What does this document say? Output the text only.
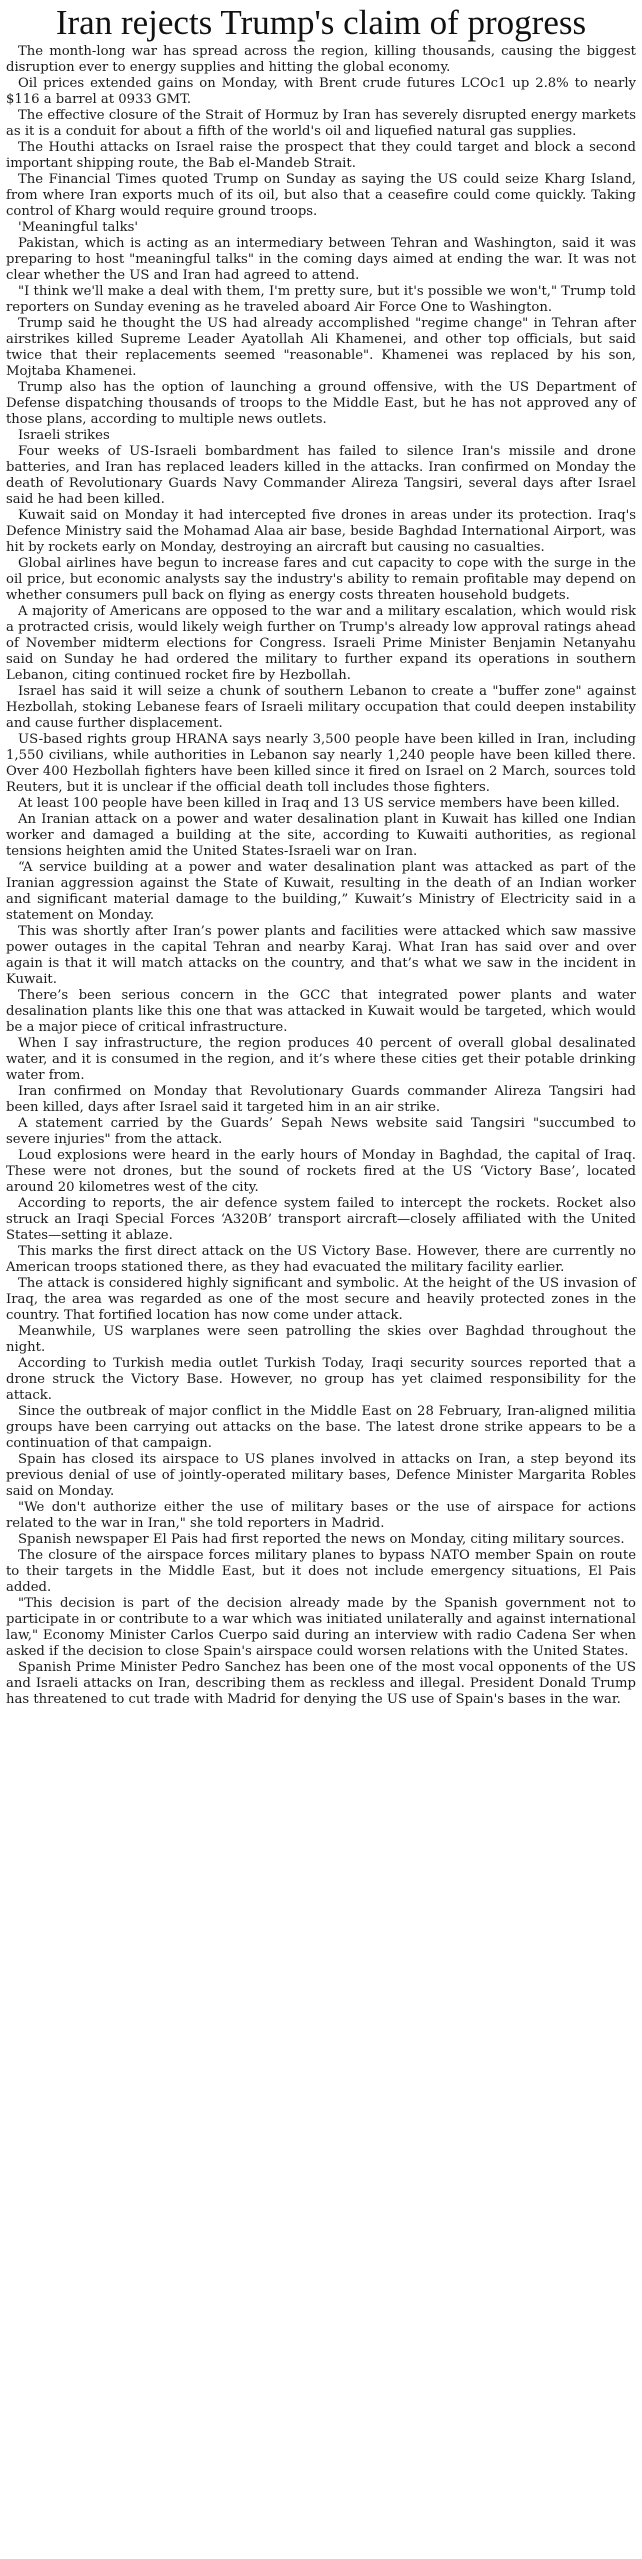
Iran rejects Trump's claim of progress

The month-long war has spread across the region, killing thousands, causing the biggest disruption ever to energy supplies and hitting the global economy.

Oil prices extended gains on Monday, with Brent crude futures LCOc1 up 2.8% to nearly $116 a barrel at 0933 GMT.

The effective closure of the Strait of Hormuz by Iran has severely disrupted energy markets as it is a conduit for about a fifth of the world's oil and liquefied natural gas supplies.

The Houthi attacks on Israel raise the prospect that they could target and block a second important shipping route, the Bab el-Mandeb Strait.

The Financial Times quoted Trump on Sunday as saying the US could seize Kharg Island, from where Iran exports much of its oil, but also that a ceasefire could come quickly. Taking control of Kharg would require ground troops.

'Meaningful talks'

Pakistan, which is acting as an intermediary between Tehran and Washington, said it was preparing to host "meaningful talks" in the coming days aimed at ending the war. It was not clear whether the US and Iran had agreed to attend.

"I think we'll make a deal with them, I'm pretty sure, but it's possible we won't," Trump told reporters on Sunday evening as he traveled aboard Air Force One to Washington.

Trump said he thought the US had already accomplished "regime change" in Tehran after airstrikes killed Supreme Leader Ayatollah Ali Khamenei, and other top officials, but said twice that their replacements seemed "reasonable". Khamenei was replaced by his son, Mojtaba Khamenei.

Trump also has the option of launching a ground offensive, with the US Department of Defense dispatching thousands of troops to the Middle East, but he has not approved any of those plans, according to multiple news outlets.

Israeli strikes

Four weeks of US-Israeli bombardment has failed to silence Iran's missile and drone batteries, and Iran has replaced leaders killed in the attacks. Iran confirmed on Monday the death of Revolutionary Guards Navy Commander Alireza Tangsiri, several days after Israel said he had been killed.

Kuwait said on Monday it had intercepted five drones in areas under its protection. Iraq's Defence Ministry said the Mohamad Alaa air base, beside Baghdad International Airport, was hit by rockets early on Monday, destroying an aircraft but causing no casualties.

Global airlines have begun to increase fares and cut capacity to cope with the surge in the oil price, but economic analysts say the industry's ability to remain profitable may depend on whether consumers pull back on flying as energy costs threaten household budgets.

A majority of Americans are opposed to the war and a military escalation, which would risk a protracted crisis, would likely weigh further on Trump's already low approval ratings ahead of November midterm elections for Congress. Israeli Prime Minister Benjamin Netanyahu said on Sunday he had ordered the military to further expand its operations in southern Lebanon, citing continued rocket fire by Hezbollah.

Israel has said it will seize a chunk of southern Lebanon to create a "buffer zone" against Hezbollah, stoking Lebanese fears of Israeli military occupation that could deepen instability and cause further displacement.

US-based rights group HRANA says nearly 3,500 people have been killed in Iran, including 1,550 civilians, while authorities in Lebanon say nearly 1,240 people have been killed there. Over 400 Hezbollah fighters have been killed since it fired on Israel on 2 March, sources told Reuters, but it is unclear if the official death toll includes those fighters.

At least 100 people have been killed in Iraq and 13 US service members have been killed.

An Iranian attack on a power and water desalination plant in Kuwait has killed one Indian worker and damaged a building at the site, according to Kuwaiti authorities, as regional tensions heighten amid the United States-Israeli war on Iran.

“A service building at a power and water desalination plant was attacked as part of the Iranian aggression against the State of Kuwait, resulting in the death of an Indian worker and significant material damage to the building,” Kuwait’s Ministry of Electricity said in a statement on Monday.

This was shortly after Iran’s power plants and facilities were attacked which saw massive power outages in the capital Tehran and nearby Karaj. What Iran has said over and over again is that it will match attacks on the country, and that’s what we saw in the incident in Kuwait.

There’s been serious concern in the GCC that integrated power plants and water desalination plants like this one that was attacked in Kuwait would be targeted, which would be a major piece of critical infrastructure.

When I say infrastructure, the region produces 40 percent of overall global desalinated water, and it is consumed in the region, and it’s where these cities get their potable drinking water from.

Iran confirmed on Monday that Revolutionary Guards commander Alireza Tangsiri had been killed, days after Israel said it targeted him in an air strike.

A statement carried by the Guards’ Sepah News website said Tangsiri "succumbed to severe injuries" from the attack.

Loud explosions were heard in the early hours of Monday in Baghdad, the capital of Iraq. These were not drones, but the sound of rockets fired at the US ‘Victory Base’, located around 20 kilometres west of the city.

According to reports, the air defence system failed to intercept the rockets. Rocket also struck an Iraqi Special Forces ‘A320B’ transport aircraft—closely affiliated with the United States—setting it ablaze.

This marks the first direct attack on the US Victory Base. However, there are currently no American troops stationed there, as they had evacuated the military facility earlier.

The attack is considered highly significant and symbolic. At the height of the US invasion of Iraq, the area was regarded as one of the most secure and heavily protected zones in the country. That fortified location has now come under attack.

Meanwhile, US warplanes were seen patrolling the skies over Baghdad throughout the night.

According to Turkish media outlet Turkish Today, Iraqi security sources reported that a drone struck the Victory Base. However, no group has yet claimed responsibility for the attack.

Since the outbreak of major conflict in the Middle East on 28 February, Iran-aligned militia groups have been carrying out attacks on the base. The latest drone strike appears to be a continuation of that campaign.

Spain has closed its airspace to US planes involved in attacks on Iran, a step beyond its previous denial of use of jointly-operated military bases, Defence Minister Margarita Robles said on Monday.

"We don't authorize either the use of military bases or the use of airspace for actions related to the war in Iran," she told reporters in Madrid.

Spanish newspaper El Pais had first reported the news on Monday, citing military sources.

The closure of the airspace forces military planes to bypass NATO member Spain on route to their targets in the Middle East, but it does not include emergency situations, El Pais added.

"This decision is part of the decision already made by the Spanish government not to participate in or contribute to a war which was initiated unilaterally and against international law," Economy Minister Carlos Cuerpo said during an interview with radio Cadena Ser when asked if the decision to close Spain's airspace could worsen relations with the United States.

Spanish Prime Minister Pedro Sanchez has been one of the most vocal opponents of the US and Israeli attacks on Iran, describing them as reckless and illegal. President Donald Trump has threatened to cut trade with Madrid for denying the US use of Spain's bases in the war.
